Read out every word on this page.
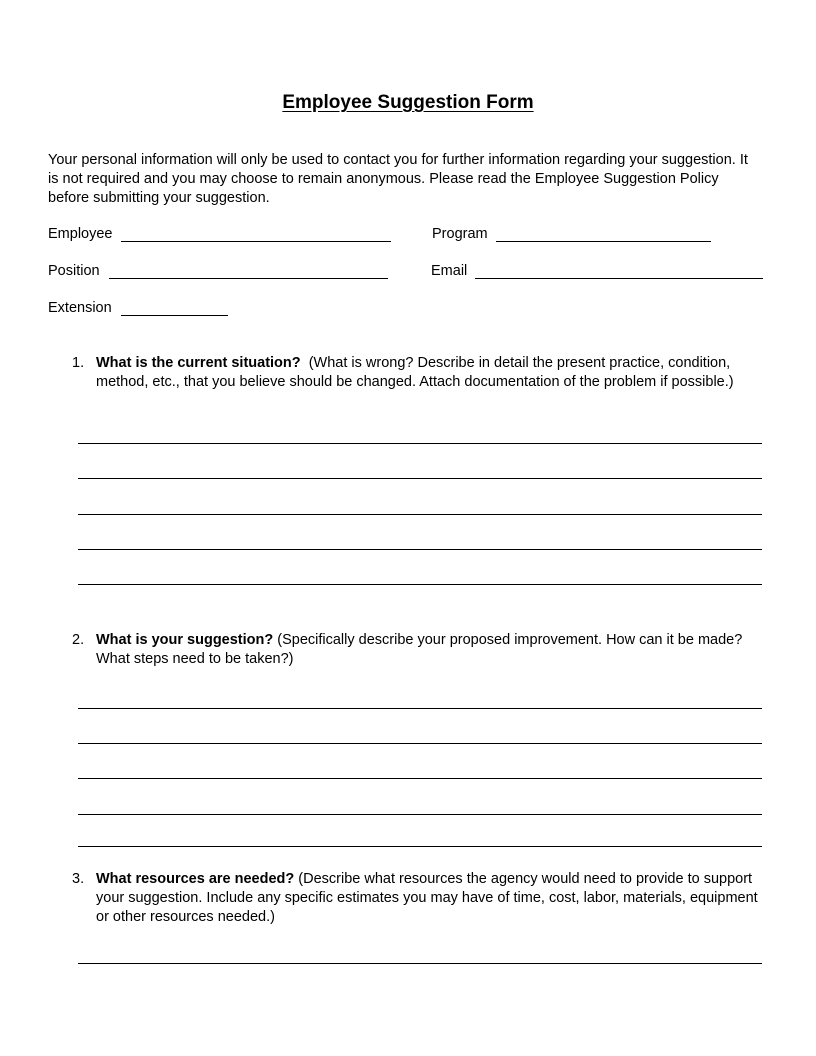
Employee Suggestion Form
Your personal information will only be used to contact you for further information regarding your suggestion. It is not required and you may choose to remain anonymous. Please read the Employee Suggestion Policy before submitting your suggestion.
Employee	Program
Position	Email
Extension
1. What is the current situation? (What is wrong? Describe in detail the present practice, condition, method, etc., that you believe should be changed. Attach documentation of the problem if possible.)
2. What is your suggestion? (Specifically describe your proposed improvement. How can it be made? What steps need to be taken?)
3. What resources are needed? (Describe what resources the agency would need to provide to support your suggestion. Include any specific estimates you may have of time, cost, labor, materials, equipment or other resources needed.)
